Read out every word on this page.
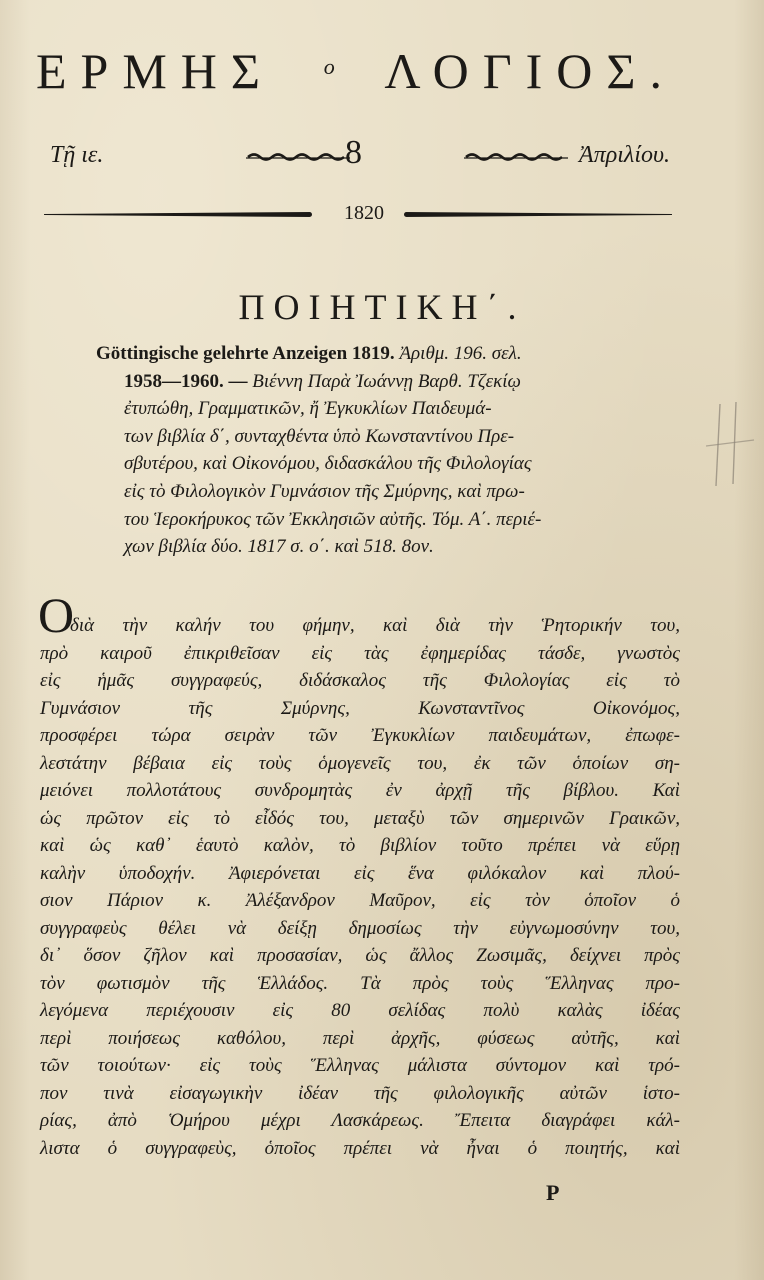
ΕΡΜΗΣ ο ΛΟΓΙΟΣ.
Τῇ ιε.	8	Ἀπριλίου.
1820
ΠΟΙΗΤΙΚΗ΄.
Göttingische gelehrte Anzeigen 1819. Ἀριθμ. 196. σελ.
1958—1960. — Βιέννη Παρὰ Ἰωάννῃ Βαρθ. Τζεκίῳ
ἐτυπώθη, Γραμματικῶν, ἤ Ἐγκυκλίων Παιδευμά-
των βιβλία δ΄, συνταχθέντα ὑπὸ Κωνσταντίνου Πρε-
σβυτέρου, καὶ Οἰκονόμου, διδασκάλου τῆς Φιλολογίας
εἰς τὸ Φιλολογικὸν Γυμνάσιον τῆς Σμύρνης, καὶ πρω-
του Ἱεροκήρυκος τῶν Ἐκκλησιῶν αὐτῆς. Τόμ. Α΄. περιέ-
χων βιβλία δύο. 1817 σ. ο΄. καὶ 518. 8ον.
Ο
διὰ τὴν καλήν του φήμην, καὶ διὰ τὴν Ῥητορικήν του,
πρὸ καιροῦ ἐπικριθεῖσαν εἰς τὰς ἐφημερίδας τάσδε, γνωστὸς
εἰς ἡμᾶς συγγραφεύς, διδάσκαλος τῆς Φιλολογίας εἰς τὸ
Γυμνάσιον τῆς Σμύρνης, Κωνσταντῖνος Οἰκονόμος,
προσφέρει τώρα σειρὰν τῶν Ἐγκυκλίων παιδευμάτων, ἐπωφε-
λεστάτην βέβαια εἰς τοὺς ὁμογενεῖς του, ἐκ τῶν ὁποίων ση-
μειόνει πολλοτάτους συνδρομητὰς ἐν ἀρχῇ τῆς βίβλου. Καὶ
ὡς πρῶτον εἰς τὸ εἶδός του, μεταξὺ τῶν σημερινῶν Γραικῶν,
καὶ ὡς καθ᾽ ἑαυτὸ καλὸν, τὸ βιβλίον τοῦτο πρέπει νὰ εὕρῃ
καλὴν ὑποδοχήν. Ἀφιερόνεται εἰς ἕνα φιλόκαλον καὶ πλού-
σιον Πάριον κ. Ἀλέξανδρον Μαῦρον, εἰς τὸν ὁποῖον ὁ
συγγραφεὺς θέλει νὰ δείξῃ δημοσίως τὴν εὐγνωμοσύνην του,
δι᾽ ὅσον ζῆλον καὶ προσασίαν, ὡς ἄλλος Ζωσιμᾶς, δείχνει πρὸς
τὸν φωτισμὸν τῆς Ἑλλάδος. Τὰ πρὸς τοὺς Ἕλληνας προ-
λεγόμενα περιέχουσιν εἰς 80 σελίδας πολὺ καλὰς ἰδέας
περὶ ποιήσεως καθόλου, περὶ ἀρχῆς, φύσεως αὐτῆς, καὶ
τῶν τοιούτων· εἰς τοὺς Ἕλληνας μάλιστα σύντομον καὶ τρό-
πον τινὰ εἰσαγωγικὴν ἰδέαν τῆς φιλολογικῆς αὐτῶν ἱστο-
ρίας, ἀπὸ Ὁμήρου μέχρι Λασκάρεως. Ἔπειτα διαγράφει κάλ-
λιστα ὁ συγγραφεὺς, ὁποῖος πρέπει νὰ ἦναι ὁ ποιητής, καὶ
P
